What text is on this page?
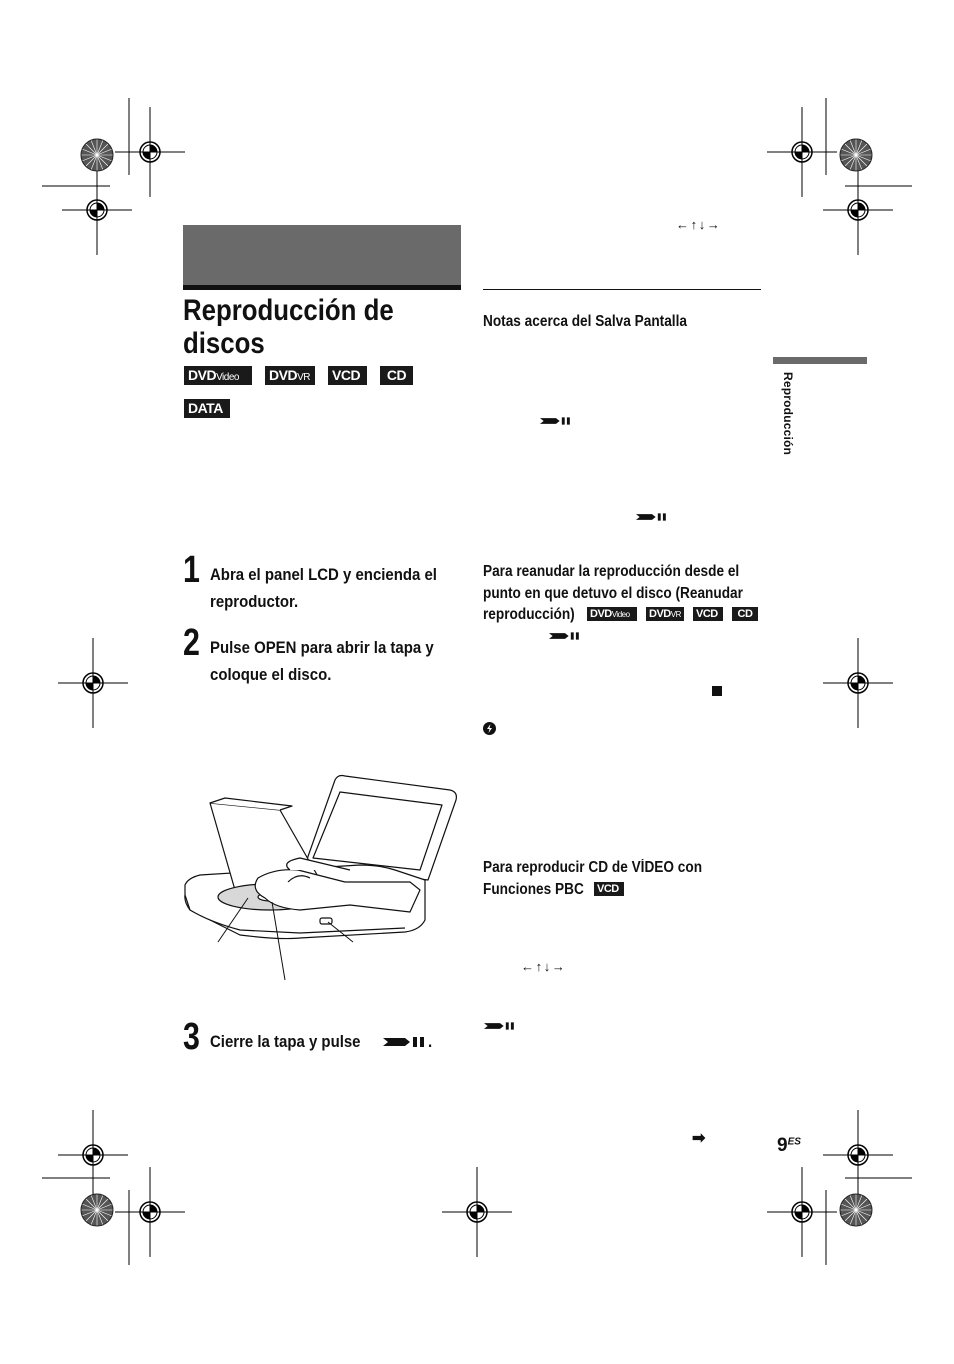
Reproducción de
discos
DVDVideo	DVDVR	VCD	CD
DATA
1 Abra el panel LCD y encienda el
reproductor.
2 Pulse OPEN para abrir la tapa y
coloque el disco.
3 Cierre la tapa y pulse	.
← ↑ ↓ →
Notas acerca del Salva Pantalla
Para reanudar la reproducción desde el
punto en que detuvo el disco (Reanudar
reproducción)	DVDVideo	DVDVR VCD	CD
Para reproducir CD de VÍDEO con
Funciones PBC	VCD
← ↑ ↓ →
Reproducción
➡	$9^{ES}$
